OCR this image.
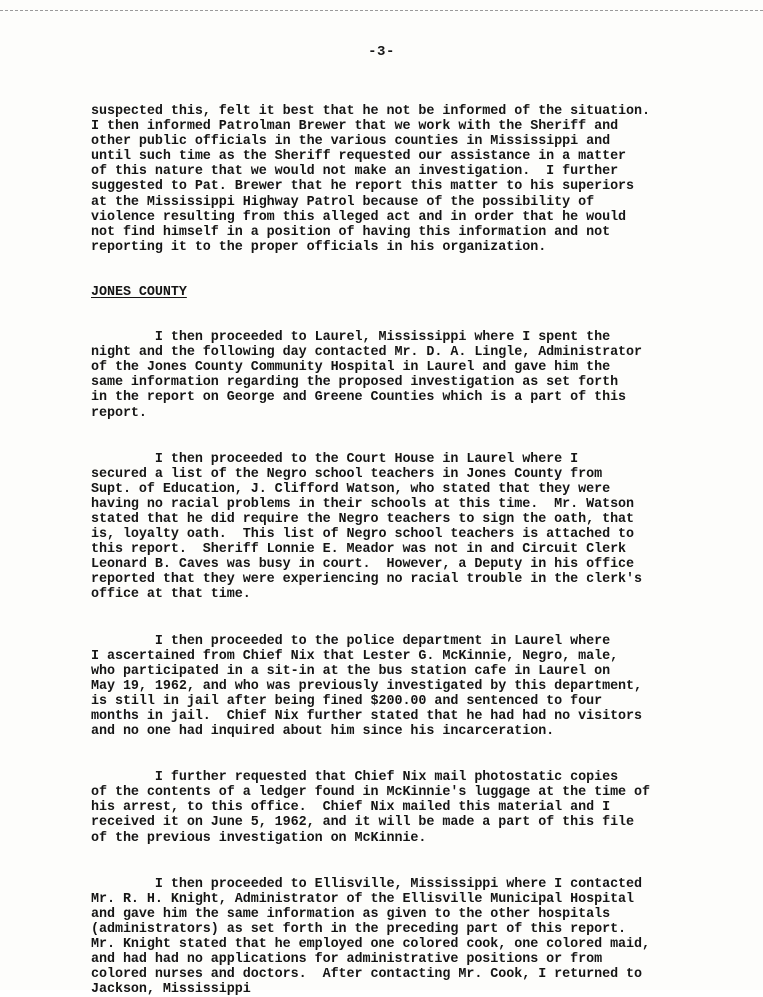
-3-

suspected this, felt it best that he not be informed of the situation.

I then informed Patrolman Brewer that we work with the Sheriff and

other public officials in the various counties in Mississippi and

until such time as the Sheriff requested our assistance in a matter

of this nature that we would not make an investigation.  I further

suggested to Pat. Brewer that he report this matter to his superiors

at the Mississippi Highway Patrol because of the possibility of

violence resulting from this alleged act and in order that he would

not find himself in a position of having this information and not

reporting it to the proper officials in his organization.

JONES COUNTY

I then proceeded to Laurel, Mississippi where I spent the

night and the following day contacted Mr. D. A. Lingle, Administrator

of the Jones County Community Hospital in Laurel and gave him the

same information regarding the proposed investigation as set forth

in the report on George and Greene Counties which is a part of this

report.

I then proceeded to the Court House in Laurel where I

secured a list of the Negro school teachers in Jones County from

Supt. of Education, J. Clifford Watson, who stated that they were

having no racial problems in their schools at this time.  Mr. Watson

stated that he did require the Negro teachers to sign the oath, that

is, loyalty oath.  This list of Negro school teachers is attached to

this report.  Sheriff Lonnie E. Meador was not in and Circuit Clerk

Leonard B. Caves was busy in court.  However, a Deputy in his office

reported that they were experiencing no racial trouble in the clerk's

office at that time.

I then proceeded to the police department in Laurel where

I ascertained from Chief Nix that Lester G. McKinnie, Negro, male,

who participated in a sit-in at the bus station cafe in Laurel on

May 19, 1962, and who was previously investigated by this department,

is still in jail after being fined $200.00 and sentenced to four

months in jail.  Chief Nix further stated that he had had no visitors

and no one had inquired about him since his incarceration.

I further requested that Chief Nix mail photostatic copies

of the contents of a ledger found in McKinnie's luggage at the time of

his arrest, to this office.  Chief Nix mailed this material and I

received it on June 5, 1962, and it will be made a part of this file

of the previous investigation on McKinnie.

I then proceeded to Ellisville, Mississippi where I contacted

Mr. R. H. Knight, Administrator of the Ellisville Municipal Hospital

and gave him the same information as given to the other hospitals

(administrators) as set forth in the preceding part of this report.

Mr. Knight stated that he employed one colored cook, one colored maid,

and had had no applications for administrative positions or from

colored nurses and doctors.  After contacting Mr. Cook, I returned to

Jackson, Mississippi
